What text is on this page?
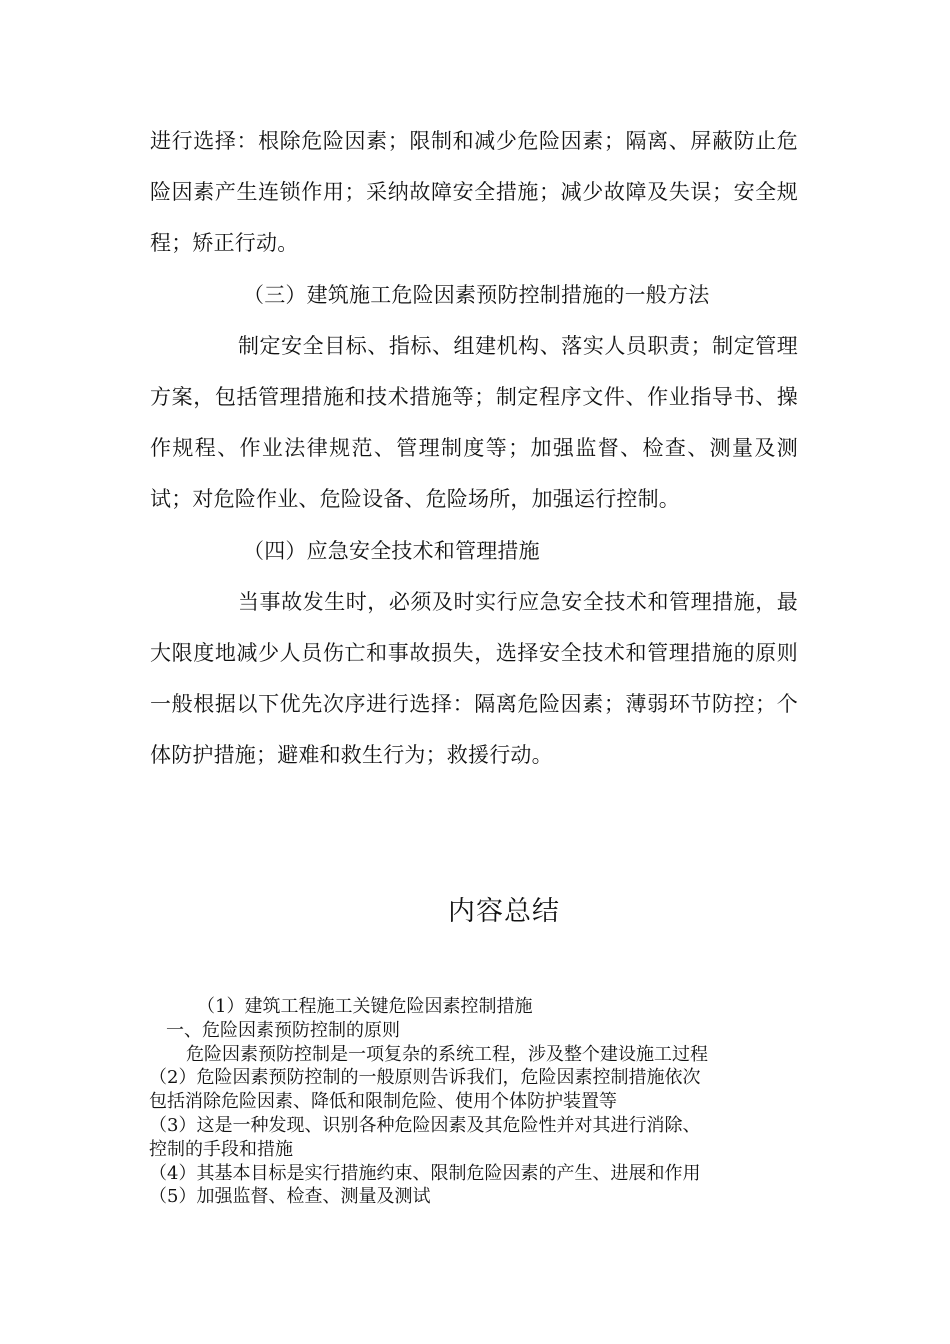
进行选择：根除危险因素；限制和减少危险因素；隔离、屏蔽防止危险因素产生连锁作用；采纳故障安全措施；减少故障及失误；安全规程；矫正行动。

（三）建筑施工危险因素预防控制措施的一般方法

制定安全目标、指标、组建机构、落实人员职责；制定管理方案，包括管理措施和技术措施等；制定程序文件、作业指导书、操作规程、作业法律规范、管理制度等；加强监督、检查、测量及测试；对危险作业、危险设备、危险场所，加强运行控制。

（四）应急安全技术和管理措施

当事故发生时，必须及时实行应急安全技术和管理措施，最大限度地减少人员伤亡和事故损失，选择安全技术和管理措施的原则一般根据以下优先次序进行选择：隔离危险因素；薄弱环节防控；个体防护措施；避难和救生行为；救援行动。

内容总结
（1）建筑工程施工关键危险因素控制措施
一、危险因素预防控制的原则
危险因素预防控制是一项复杂的系统工程，涉及整个建设施工过程
（2）危险因素预防控制的一般原则告诉我们，危险因素控制措施依次
包括消除危险因素、降低和限制危险、使用个体防护装置等
（3）这是一种发现、识别各种危险因素及其危险性并对其进行消除、
控制的手段和措施
（4）其基本目标是实行措施约束、限制危险因素的产生、进展和作用
（5）加强监督、检查、测量及测试
